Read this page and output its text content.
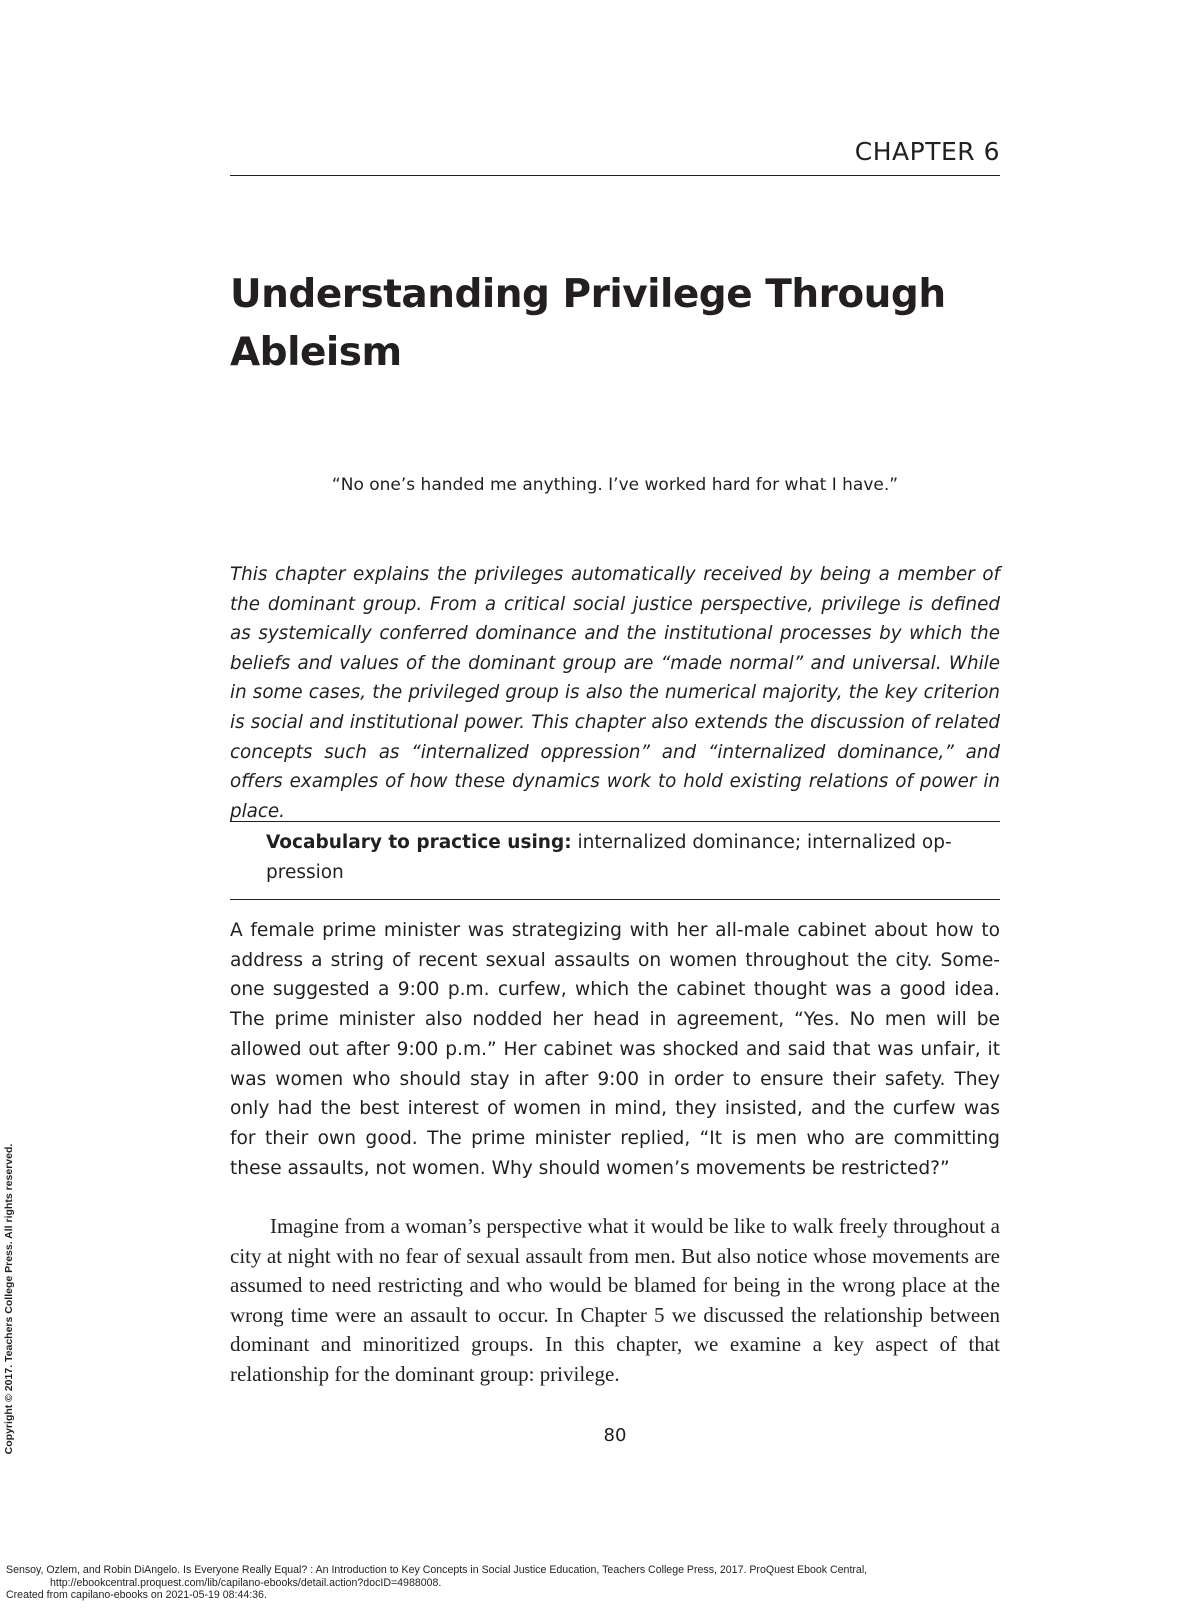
CHAPTER 6
Understanding Privilege Through
Ableism
“No one’s handed me anything. I’ve worked hard for what I have.”

This chapter explains the privileges automatically received by being a member of the dominant group. From a critical social justice perspective, privilege is defined as systemically conferred dominance and the institutional processes by which the beliefs and values of the dominant group are “made normal” and universal. While in some cases, the privileged group is also the numerical majority, the key criterion is social and institutional power. This chapter also extends the discussion of related concepts such as “internalized oppression” and “internalized dominance,” and offers examples of how these dynamics work to hold existing relations of power in place.

Vocabulary to practice using: internalized dominance; internalized oppression

A female prime minister was strategizing with her all-male cabinet about how to address a string of recent sexual assaults on women throughout the city. Someone suggested a 9:00 p.m. curfew, which the cabinet thought was a good idea. The prime minister also nodded her head in agreement, “Yes. No men will be allowed out after 9:00 p.m.” Her cabinet was shocked and said that was unfair, it was women who should stay in after 9:00 in order to ensure their safety. They only had the best interest of women in mind, they insisted, and the curfew was for their own good. The prime minister replied, “It is men who are committing these assaults, not women. Why should women’s movements be restricted?”

Imagine from a woman’s perspective what it would be like to walk freely throughout a city at night with no fear of sexual assault from men. But also notice whose movements are assumed to need restricting and who would be blamed for being in the wrong place at the wrong time were an assault to occur. In Chapter 5 we discussed the relationship between dominant and minoritized groups. In this chapter, we examine a key aspect of that relationship for the dominant group: privilege.

80
Copyright © 2017. Teachers College Press. All rights reserved.
Sensoy, Ozlem, and Robin DiAngelo. Is Everyone Really Equal? : An Introduction to Key Concepts in Social Justice Education, Teachers College Press, 2017. ProQuest Ebook Central,
http://ebookcentral.proquest.com/lib/capilano-ebooks/detail.action?docID=4988008.
Created from capilano-ebooks on 2021-05-19 08:44:36.
